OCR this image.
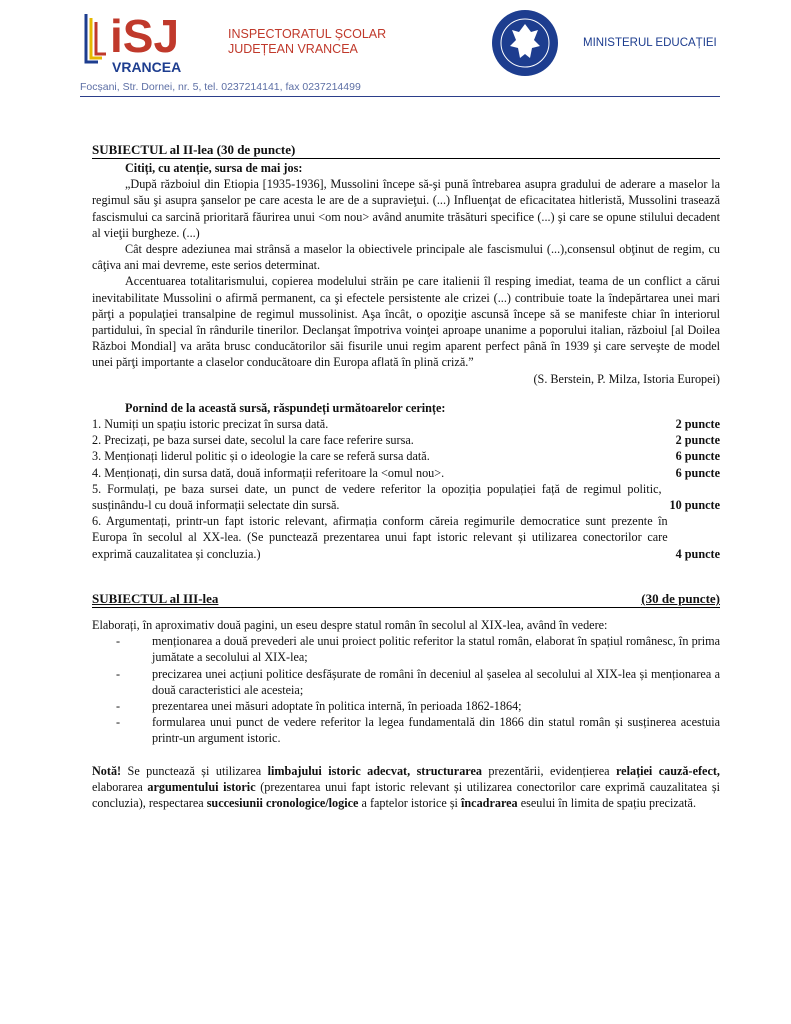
iSJ
VRANCEA
INSPECTORATUL ȘCOLAR
JUDEȚEAN VRANCEA	MINISTERUL EDUCAȚIEI
Focșani, Str. Dornei, nr. 5, tel. 0237214141, fax 0237214499
SUBIECTUL al II-lea (30 de puncte)

Citiți, cu atenție, sursa de mai jos:

„După războiul din Etiopia [1935-1936], Mussolini începe să-şi pună întrebarea asupra gradului de aderare a maselor la regimul său şi asupra şanselor pe care acesta le are de a supravieţui. (...) Influenţat de eficacitatea hitleristă, Mussolini trasează fascismului ca sarcină prioritară făurirea unui <om nou> având anumite trăsături specifice (...) şi care se opune stilului decadent al vieţii burgheze. (...)

Cât despre adeziunea mai strânsă a maselor la obiectivele principale ale fascismului (...),consensul obţinut de regim, cu câţiva ani mai devreme, este serios determinat.

Accentuarea totalitarismului, copierea modelului străin pe care italienii îl resping imediat, teama de un conflict a cărui inevitabilitate Mussolini o afirmă permanent, ca şi efectele persistente ale crizei (...) contribuie toate la îndepărtarea unei mari părţi a populaţiei transalpine de regimul mussolinist. Aşa încât, o opoziţie ascunsă începe să se manifeste chiar în interiorul partidului, în special în rândurile tinerilor. Declanşat împotriva voinţei aproape unanime a poporului italian, războiul [al Doilea Război Mondial] va arăta brusc conducătorilor săi fisurile unui regim aparent perfect până în 1939 şi care serveşte de model unei părţi importante a claselor conducătoare din Europa aflată în plină criză.”

(S. Berstein, P. Milza, Istoria Europei)

Pornind de la această sursă, răspundeți următoarelor cerințe:

1. Numiți un spațiu istoric precizat în sursa dată.	2 puncte
2. Precizați, pe baza sursei date, secolul la care face referire sursa.	2 puncte
3. Menționați liderul politic și o ideologie la care se referă sursa dată.	6 puncte
4. Menționați, din sursa dată, două informații referitoare la <omul nou>.	6 puncte
5. Formulați, pe baza sursei date, un punct de vedere referitor la opoziția populației față de regimul politic, susținându-l cu două informații selectate din sursă.	10 puncte
6. Argumentați, printr-un fapt istoric relevant, afirmația conform căreia regimurile democratice sunt prezente în Europa în secolul al XX-lea. (Se punctează prezentarea unui fapt istoric relevant și utilizarea conectorilor care exprimă cauzalitatea și concluzia.)	4 puncte
SUBIECTUL al III-lea	(30 de puncte)

Elaborați, în aproximativ două pagini, un eseu despre statul român în secolul al XIX-lea, având în vedere:

- menționarea a două prevederi ale unui proiect politic referitor la statul român, elaborat în spațiul românesc, în prima jumătate a secolului al XIX-lea;
- precizarea unei acțiuni politice desfășurate de români în deceniul al șaselea al secolului al XIX-lea și menționarea a două caracteristici ale acesteia;
- prezentarea unei măsuri adoptate în politica internă, în perioada 1862-1864;
- formularea unui punct de vedere referitor la legea fundamentală din 1866 din statul român și susținerea acestuia printr-un argument istoric.

Notă! Se punctează și utilizarea limbajului istoric adecvat, structurarea prezentării, evidențierea relației cauză-efect, elaborarea argumentului istoric (prezentarea unui fapt istoric relevant și utilizarea conectorilor care exprimă cauzalitatea și concluzia), respectarea succesiunii cronologice/logice a faptelor istorice și încadrarea eseului în limita de spațiu precizată.
